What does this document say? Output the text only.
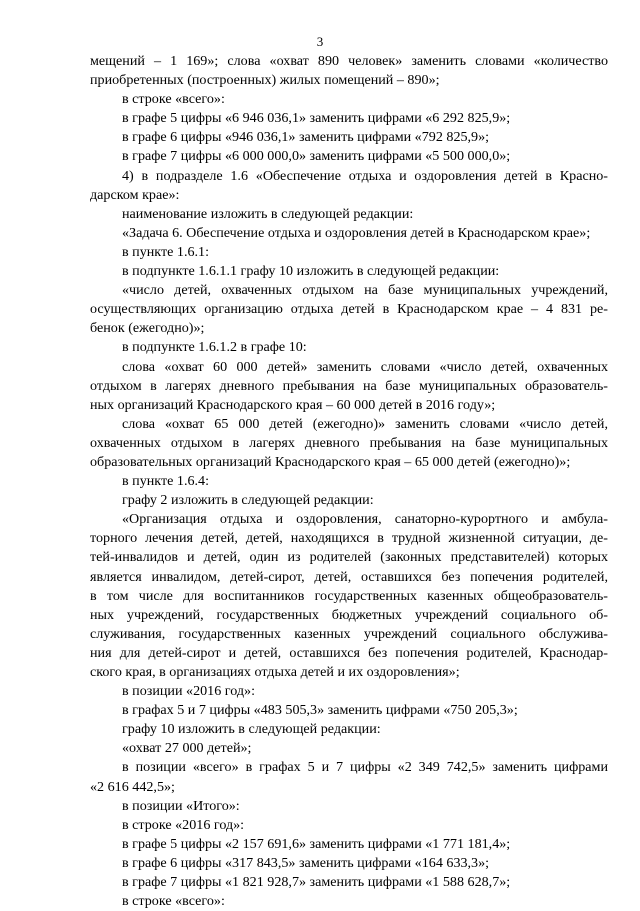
3
мещений – 1 169»; слова «охват 890 человек» заменить словами «количество
приобретенных (построенных) жилых помещений – 890»;
в строке «всего»:
в графе 5 цифры «6 946 036,1» заменить цифрами «6 292 825,9»;
в графе 6 цифры «946 036,1» заменить цифрами «792 825,9»;
в графе 7 цифры «6 000 000,0» заменить цифрами «5 500 000,0»;
4) в подразделе 1.6 «Обеспечение отдыха и оздоровления детей в Красно-
дарском крае»:
наименование изложить в следующей редакции:
«Задача 6. Обеспечение отдыха и оздоровления детей в Краснодарском крае»;
в пункте 1.6.1:
в подпункте 1.6.1.1 графу 10 изложить в следующей редакции:
«число детей, охваченных отдыхом на базе муниципальных учреждений,
осуществляющих организацию отдыха детей в Краснодарском крае – 4 831 ре-
бенок (ежегодно)»;
в подпункте 1.6.1.2 в графе 10:
слова «охват 60 000 детей» заменить словами «число детей, охваченных
отдыхом в лагерях дневного пребывания на базе муниципальных образователь-
ных организаций Краснодарского края – 60 000 детей в 2016 году»;
слова «охват 65 000 детей (ежегодно)» заменить словами «число детей,
охваченных отдыхом в лагерях дневного пребывания на базе муниципальных
образовательных организаций Краснодарского края – 65 000 детей (ежегодно)»;
в пункте 1.6.4:
графу 2 изложить в следующей редакции:
«Организация отдыха и оздоровления, санаторно-курортного и амбула-
торного лечения детей, детей, находящихся в трудной жизненной ситуации, де-
тей-инвалидов и детей, один из родителей (законных представителей) которых
является инвалидом, детей-сирот, детей, оставшихся без попечения родителей,
в том числе для воспитанников государственных казенных общеобразователь-
ных учреждений, государственных бюджетных учреждений социального об-
служивания, государственных казенных учреждений социального обслужива-
ния для детей-сирот и детей, оставшихся без попечения родителей, Краснодар-
ского края, в организациях отдыха детей и их оздоровления»;
в позиции «2016 год»:
в графах 5 и 7 цифры «483 505,3» заменить цифрами «750 205,3»;
графу 10 изложить в следующей редакции:
«охват 27 000 детей»;
в позиции «всего» в графах 5 и 7 цифры «2 349 742,5» заменить цифрами
«2 616 442,5»;
в позиции «Итого»:
в строке «2016 год»:
в графе 5 цифры «2 157 691,6» заменить цифрами «1 771 181,4»;
в графе 6 цифры «317 843,5» заменить цифрами «164 633,3»;
в графе 7 цифры «1 821 928,7» заменить цифрами «1 588 628,7»;
в строке «всего»:
